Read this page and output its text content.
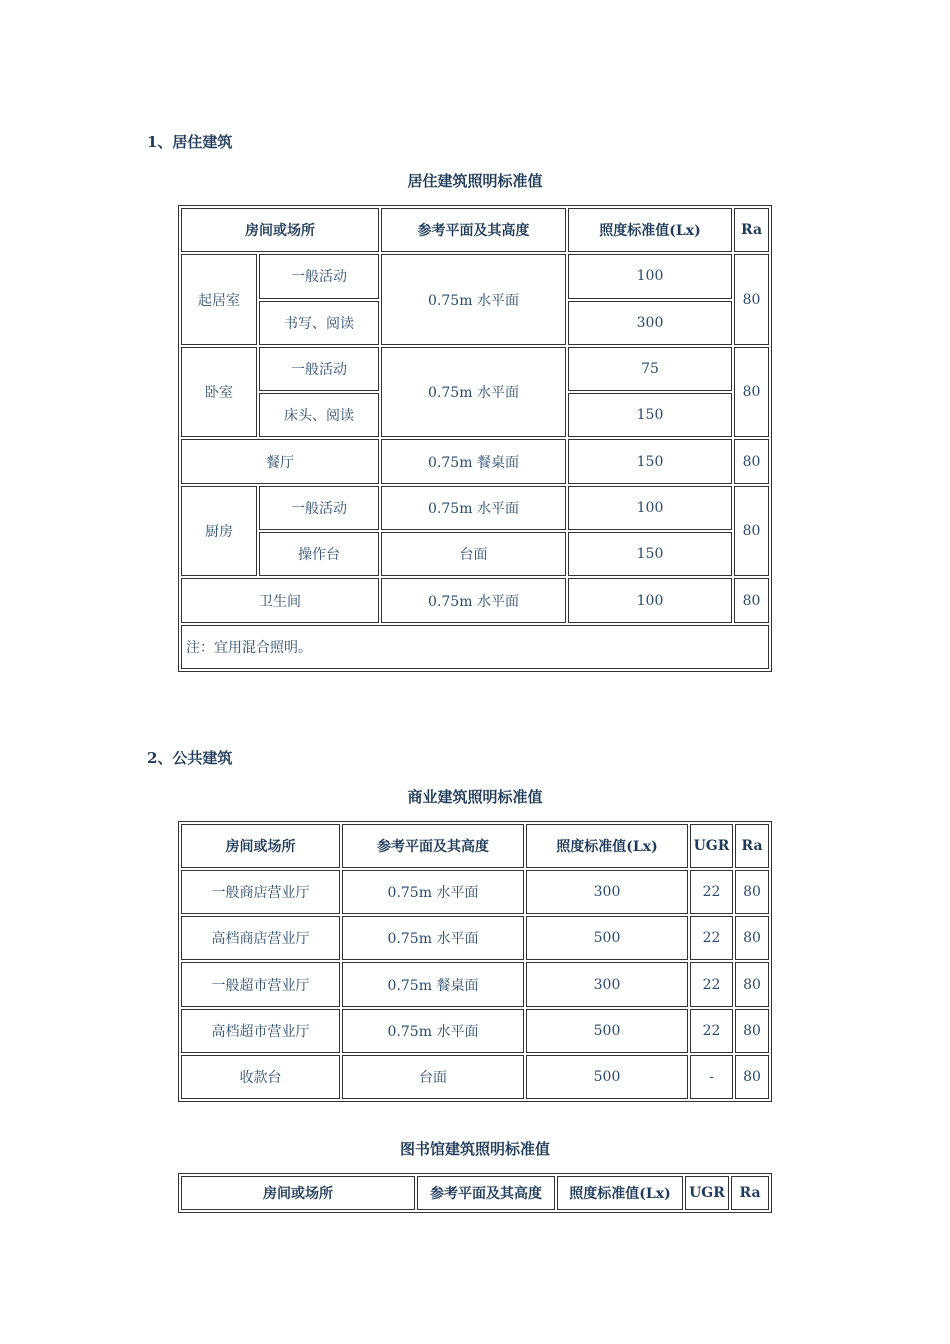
1、居住建筑
居住建筑照明标准值
房间或场所		参考平面及其高度	照度标准值(Lx)	Ra
起居室	一般活动	0.75m 水平面	100	80
	书写、阅读		300	
卧室	一般活动	0.75m 水平面	75	80
	床头、阅读		150	
餐厅		0.75m 餐桌面	150	80
厨房	一般活动	0.75m 水平面	100	80
	操作台	台面	150	
卫生间		0.75m 水平面	100	80
注：宜用混合照明。				
2、公共建筑
商业建筑照明标准值
房间或场所	参考平面及其高度	照度标准值(Lx)	UGR	Ra
一般商店营业厅	0.75m 水平面	300	22	80
高档商店营业厅	0.75m 水平面	500	22	80
一般超市营业厅	0.75m 餐桌面	300	22	80
高档超市营业厅	0.75m 水平面	500	22	80
收款台	台面	500	-	80
图书馆建筑照明标准值
房间或场所	参考平面及其高度	照度标准值(Lx)	UGR	Ra
